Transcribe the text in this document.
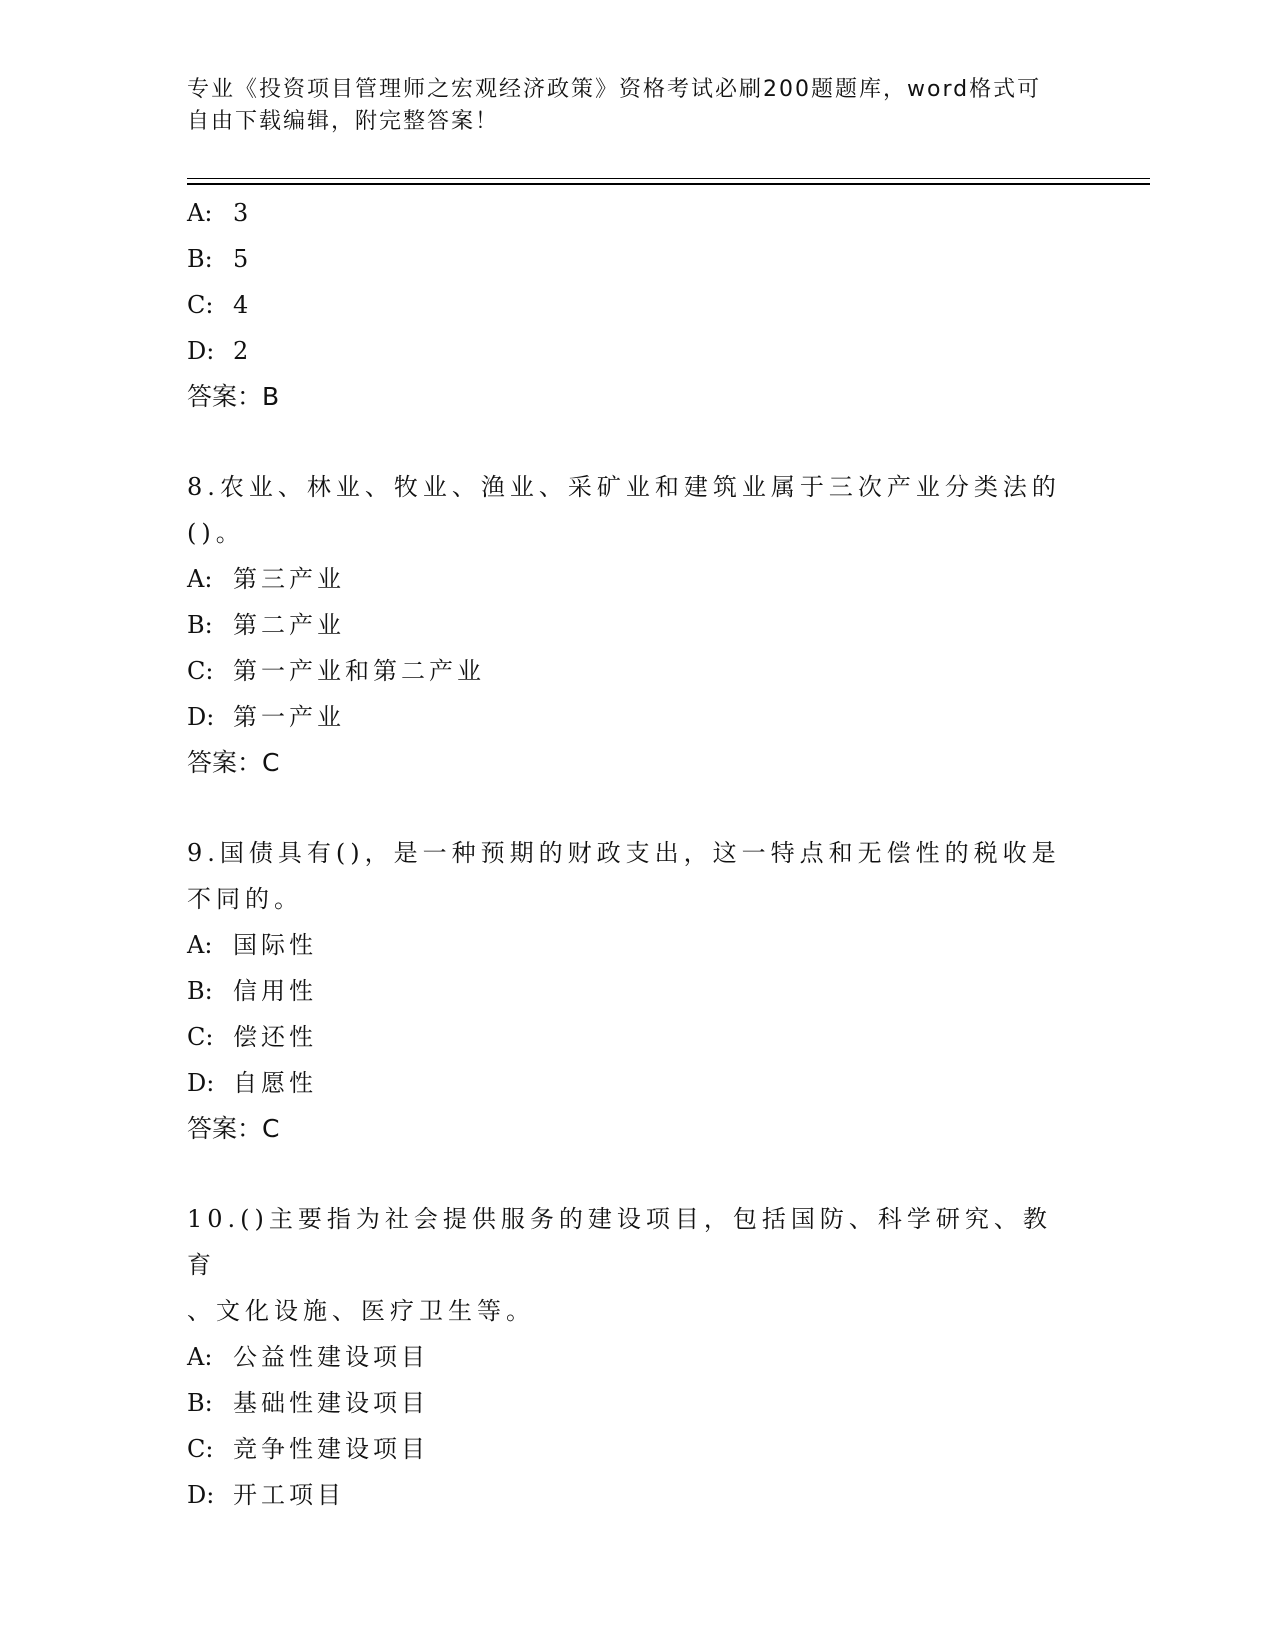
专业《投资项目管理师之宏观经济政策》资格考试必刷200题题库，word格式可
自由下载编辑，附完整答案！
A: 3
B: 5
C: 4
D: 2
答案：B
8.农业、林业、牧业、渔业、采矿业和建筑业属于三次产业分类法的
()。
A: 第三产业
B: 第二产业
C: 第一产业和第二产业
D: 第一产业
答案：C
9.国债具有()，是一种预期的财政支出，这一特点和无偿性的税收是
不同的。
A: 国际性
B: 信用性
C: 偿还性
D: 自愿性
答案：C
10.()主要指为社会提供服务的建设项目，包括国防、科学研究、教育
、文化设施、医疗卫生等。
A: 公益性建设项目
B: 基础性建设项目
C: 竞争性建设项目
D: 开工项目
